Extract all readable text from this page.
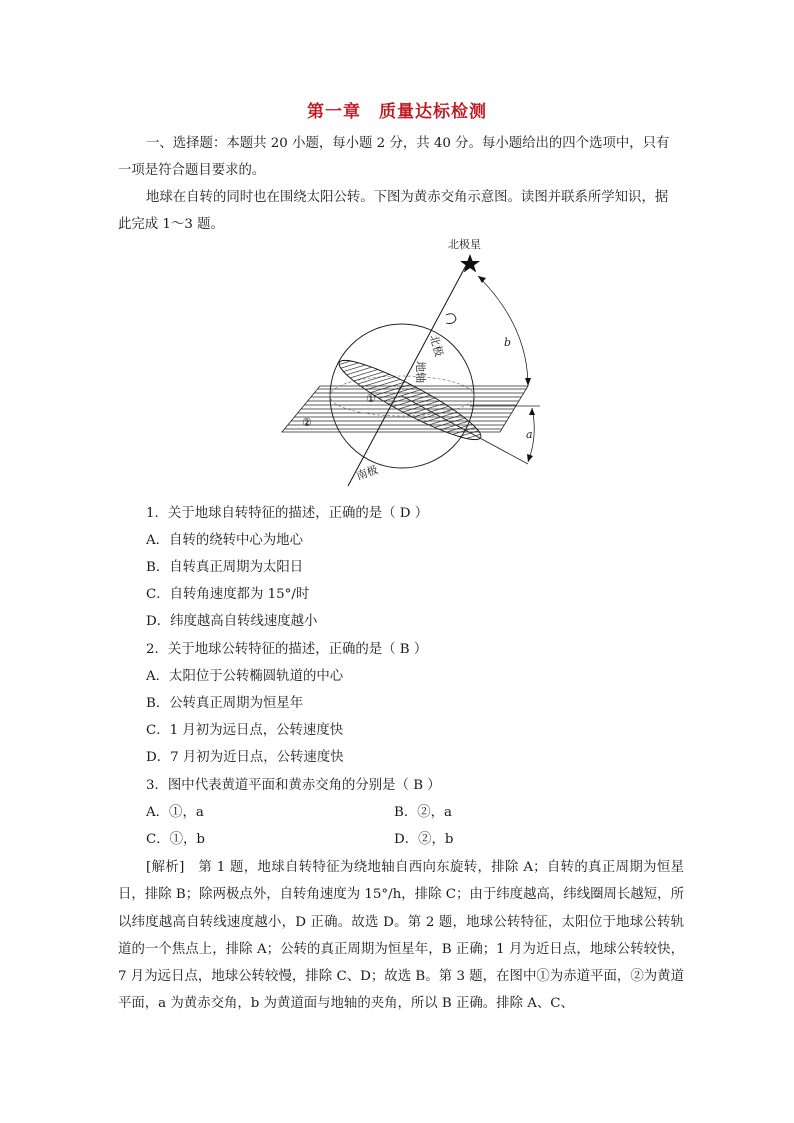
第一章　质量达标检测

一、选择题：本题共 20 小题，每小题 2 分，共 40 分。每小题给出的四个选项中，只有一项是符合题目要求的。

地球在自转的同时也在围绕太阳公转。下图为黄赤交角示意图。读图并联系所学知识，据此完成 1～3 题。

北极星
北极
地轴
南极
①
②
b
a
1．关于地球自转特征的描述，正确的是（ D ）
A．自转的绕转中心为地心
B．自转真正周期为太阳日
C．自转角速度都为 15°/时
D．纬度越高自转线速度越小
2．关于地球公转特征的描述，正确的是（ B ）
A．太阳位于公转椭圆轨道的中心
B．公转真正周期为恒星年
C．1 月初为远日点，公转速度快
D．7 月初为近日点，公转速度快
3．图中代表黄道平面和黄赤交角的分别是（ B ）
A．①，a	B．②，a
C．①，b	D．②，b

[解析]　第 1 题，地球自转特征为绕地轴自西向东旋转，排除 A；自转的真正周期为恒星日，排除 B；除两极点外，自转角速度为 15°/h，排除 C；由于纬度越高，纬线圈周长越短，所以纬度越高自转线速度越小，D 正确。故选 D。第 2 题，地球公转特征，太阳位于地球公转轨道的一个焦点上，排除 A；公转的真正周期为恒星年，B 正确；1 月为近日点，地球公转较快，7 月为远日点，地球公转较慢，排除 C、D；故选 B。第 3 题，在图中①为赤道平面，②为黄道平面，a 为黄赤交角，b 为黄道面与地轴的夹角，所以 B 正确。排除 A、C、
